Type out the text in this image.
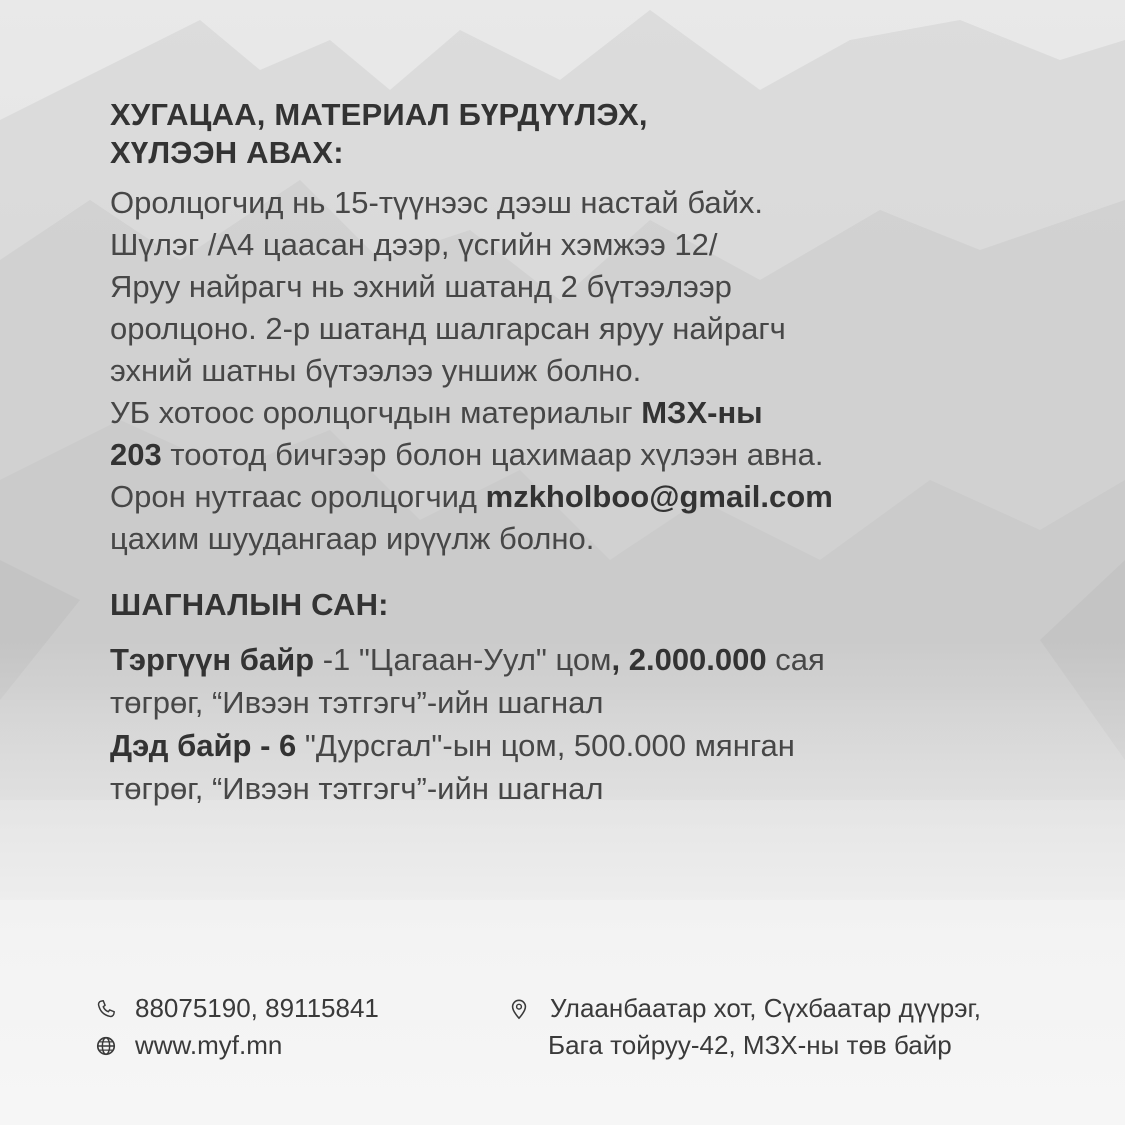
ХУГАЦАА, МАТЕРИАЛ БҮРДҮҮЛЭХ,
ХҮЛЭЭН АВАХ:
Оролцогчид нь 15-түүнээс дээш настай байх.
Шүлэг /А4 цаасан дээр, үсгийн хэмжээ 12/
Яруу найрагч нь эхний шатанд 2 бүтээлээр
оролцоно. 2-р шатанд шалгарсан яруу найрагч
эхний шатны бүтээлээ уншиж болно.
УБ хотоос оролцогчдын материалыг МЗХ-ны
203 тоотод бичгээр болон цахимаар хүлээн авна.
Орон нутгаас оролцогчид mzkholboo@gmail.com
цахим шуудангаар ирүүлж болно.
ШАГНАЛЫН САН:
Тэргүүн байр -1 "Цагаан-Уул" цом, 2.000.000 сая
төгрөг, “Ивээн тэтгэгч”-ийн шагнал
Дэд байр - 6 "Дурсгал"-ын цом, 500.000 мянган
төгрөг, “Ивээн тэтгэгч”-ийн шагнал
88075190, 89115841
www.myf.mn
Улаанбаатар хот, Сүхбаатар дүүрэг,
Бага тойруу-42, МЗХ-ны төв байр
